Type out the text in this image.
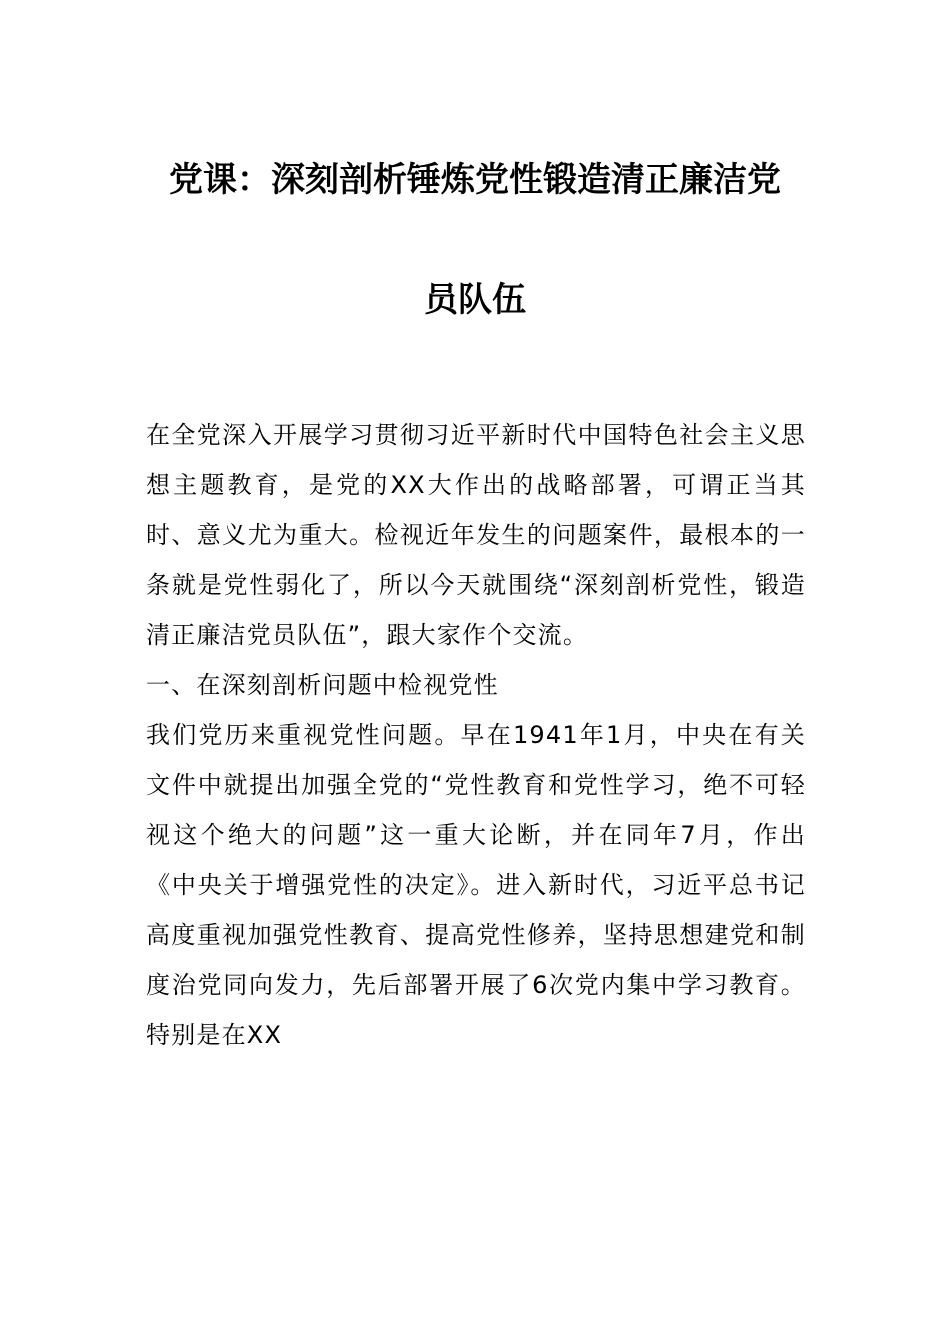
党课：深刻剖析锤炼党性锻造清正廉洁党
员队伍

在全党深入开展学习贯彻习近平新时代中国特色社会主义思想主题教育，是党的XX大作出的战略部署，可谓正当其时、意义尤为重大。检视近年发生的问题案件，最根本的一条就是党性弱化了，所以今天就围绕“深刻剖析党性，锻造清正廉洁党员队伍”，跟大家作个交流。

一、在深刻剖析问题中检视党性

我们党历来重视党性问题。早在1941年1月，中央在有关文件中就提出加强全党的“党性教育和党性学习，绝不可轻视这个绝大的问题”这一重大论断，并在同年7月，作出《中央关于增强党性的决定》。进入新时代，习近平总书记高度重视加强党性教育、提高党性修养，坚持思想建党和制度治党同向发力，先后部署开展了6次党内集中学习教育。特别是在XX
